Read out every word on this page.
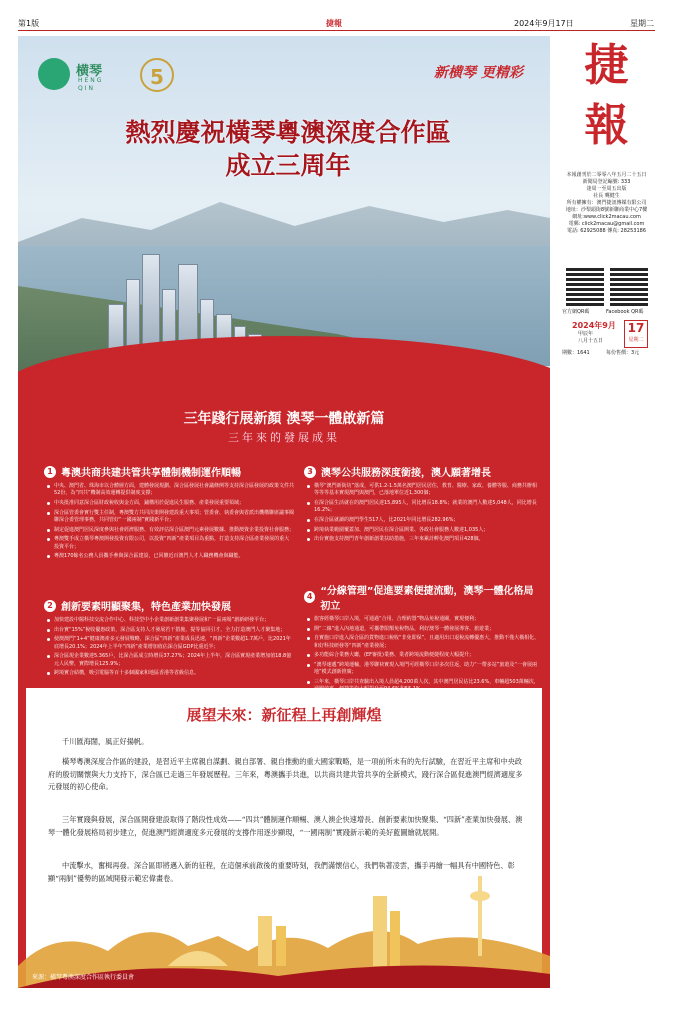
第1版	捷報	2024年9月17日	星期二
横琴
HENG QIN	5	新横琴 更精彩
熱烈慶祝橫琴粵澳深度合作區
成立三周年
三年踐行展新顏 澳琴一體啟新篇
三年來的發展成果
1 粵澳共商共建共管共享體制機制運作順暢
中央、澳門省、珠海市以合體層方面，建體發展規劃、深合區發展社會議條例等支持深合區發展的政策文件共52份，為“四共”機制高效運轉提供制度支撐；
中央批准同意深合區財政稅收與金方面，鋪構用於促進民生服務、產業發展重要領域；
深合區管委會實行雙主任制，粵澳雙方共同決策開發建設重大事項；管委會、執委會與省派出機構聯席議事閱聯深合委管理事務，共同管好“一國兩制”實踐新平台；
制定促進澳門居民深度參與社會經濟服務、有效評估深合區澳門元素發展數據、推動澳資企業投資社會服務；
粵澳雙手成立橫琴粵澳開發投資有限公司，以投資“四新”產業項目為重點，打造支持深合區產業發展的重大投資平台；
粵澳170餘名公務人員攜手參與深合區建設，已回饋近百澳門人才人職務機會與職能。
2 創新要素明顯聚集，特色產業加快發展
加快建設中醫科技交流合作中心、科技型中小企業創新創業集聚發展和“一區兩場”創新研發平台；
出台實“15%”稅收優惠政策，深合區支持人才發展若干措施，提等協同引才，全力打造澳門人才聚集地；
使澳澳門“1+4”健康澳產多元發展戰略，深合區“四新”產業成長迅速，“四新”企業數超1.7萬戶，比2021年底增長20.1%；2024年上半年“四新”產業增加值佔深合區GDP比重近半；
深合區現企業數達5.365戶，比深合區成立時增長37.27%；2024年上半年，深合區實現產業增加值18.8億元人民幣，實際增長125.9%；
跨境實合結構，吸引電腦等百十多個國家和地區香港等省級信息。
3 澳琴公共服務深度銜接，澳人願著增長
橫琴“澳門新街坊”落成，可供1.2-1.5萬名澳門居民居住，教育、醫療、家政、養體等服、商務共辦相等等等基本實現澳門與澳門，已落地單位近1,300個；
在深合區生活就在的澳門居民達15,895人，同比增長18.8%；就業的澳門人數達5,048人，同比增長16.2%；
在深合區就讀的澳門學生517人，比2021年同比增長282.96%；
跨境執業範圍覆蓋加、澳門居民在深合區開業、各政社會服務人數達1,035人；
出台實施支持澳門青年創新創業扶助措施，三年來累計孵化澳門項目428個。
4 “分線管理”促進要素便捷流動，澳琴一體化格局初立
旅客經橫琴口岸入境，可通過“合用、合理約置”物品免稅通關，實現便利；
開“二線”進入內地通道，可攜帶限額免稅物品，利好澳琴一體發展導客、旅遊業；
自實施口岸進入深合區的貨物進口稅收“非免即保”，且適用出口退稅流轉優惠大，推動不僅大橫相化、和好科技研發等“四新”產業發展；
多功能綜合業務大廳，(EF審批)業務、業者跨境流動便捷程度大幅提升；
“澳琴速遞”跨境運輸，港琴聯袂實現入境門可經橫琴口岸多次往返，助力“一帶多站”旅遊及“一會展兩地”模式創新推廣；
三年來，橫琴口岸共查驗出入境人員超4,200萬人次，其中澳門居民佔比23.6%，車輛超503萬輛次，
展望未來：新征程上再創輝煌

千川匯海闊，風正好揚帆。

橫琴粵澳深度合作區的建設，是習近平主席親自謀劃、親自部署、親自推動的重大國家戰略，是一項前所未有的先行試驗，在習近平主席和中央政府的殷切關懷與大力支持下，深合區已走過三年發展歷程。三年來，粵澳攜手共進，以共商共建共管共享的全新模式，踐行深合區促進澳門經濟適度多元發展的初心使命。

三年實踐與發展，深合區開發建設取得了階段性成效——“四共”體制運作順暢、澳人澳企快速增長、創新要素加快聚集、“四新”產業加快發展、澳琴一體化發展格局初步建立，促進澳門經濟適度多元發展的支撐作用逐步顯現，“一國兩制”實踐新示範的美好藍圖繪就展開。

中流擊水，奮楫再發。深合區即將邁入新的征程，在這個承前啟後的重要時刻，我們滿懷信心，我們執著凌雲，攜手再繪一幅具有中國特色、彰顯“兩制”優勢的區域開發示範宏偉畫卷。

來源：橫琴粵澳深度合作區執行委員會
捷
報
本報創刊於二零零八年五月二十五日
新聞局登記編號: 333
逢周一至周五出版
社長 龔健生
所有權擁有：澳門捷訊傳媒有限公司
地址：沙梨頭街8號新聯商業中心7樓
網址:www.click2macau.com
電郵: click2macau@gmail.com
電話: 62925088 傳真: 28253186
官方網QR碼	Facebook QR碼
2024年9月
甲辰年
八月十五日
17
星期二
期數：1641	每份售價：3元
